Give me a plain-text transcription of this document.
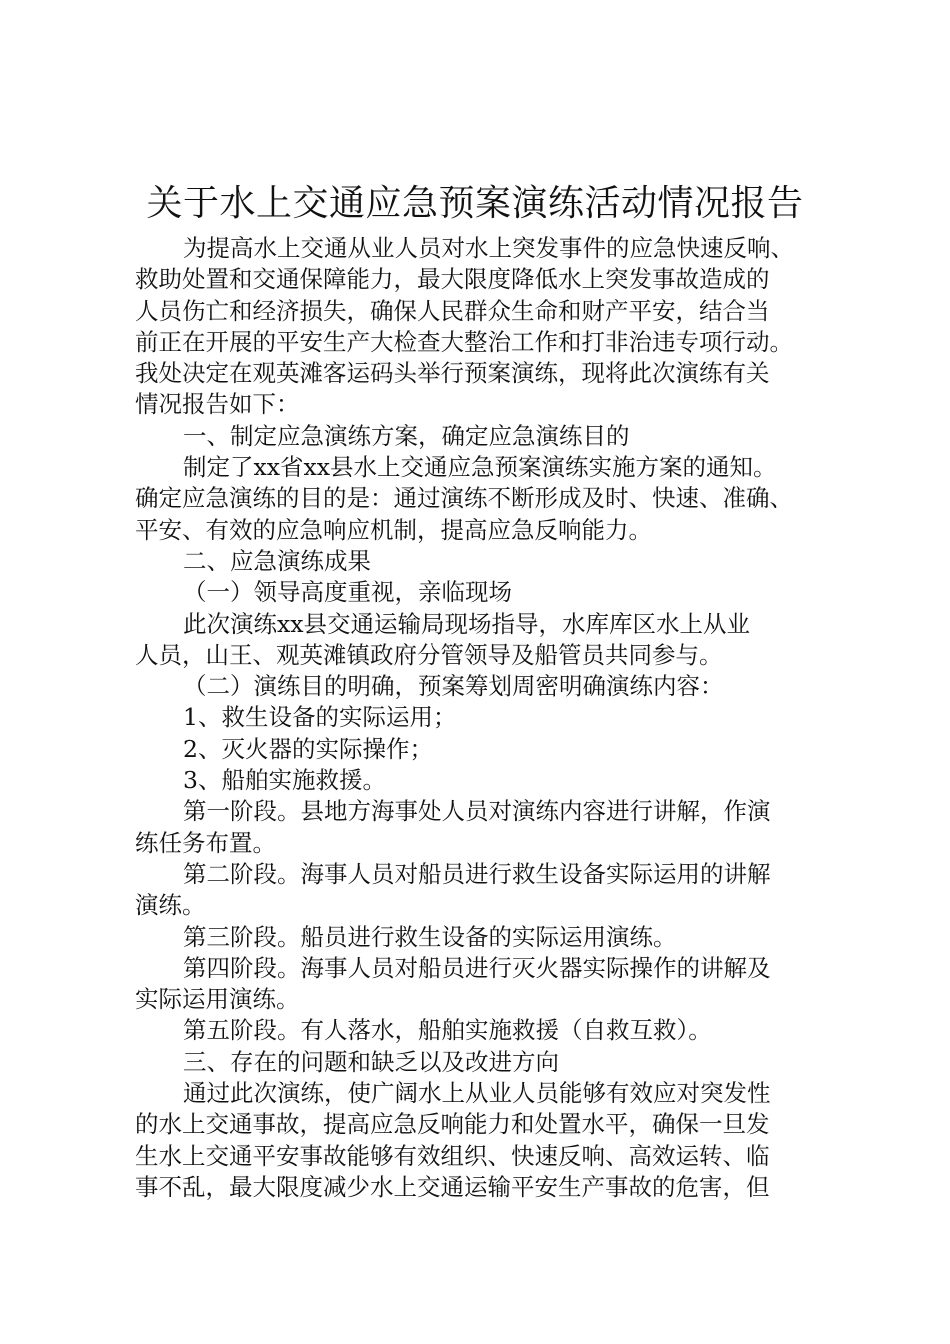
关于水上交通应急预案演练活动情况报告
为提高水上交通从业人员对水上突发事件的应急快速反响、
救助处置和交通保障能力，最大限度降低水上突发事故造成的
人员伤亡和经济损失，确保人民群众生命和财产平安，结合当
前正在开展的平安生产大检查大整治工作和打非治违专项行动。
我处决定在观英滩客运码头举行预案演练，现将此次演练有关
情况报告如下：
一、制定应急演练方案，确定应急演练目的
制定了xx省xx县水上交通应急预案演练实施方案的通知。
确定应急演练的目的是：通过演练不断形成及时、快速、准确、
平安、有效的应急响应机制，提高应急反响能力。
二、应急演练成果
（一）领导高度重视，亲临现场
此次演练xx县交通运输局现场指导，水库库区水上从业
人员，山王、观英滩镇政府分管领导及船管员共同参与。
（二）演练目的明确，预案筹划周密明确演练内容：
1、救生设备的实际运用；
2、灭火器的实际操作；
3、船舶实施救援。
第一阶段。县地方海事处人员对演练内容进行讲解，作演
练任务布置。
第二阶段。海事人员对船员进行救生设备实际运用的讲解
演练。
第三阶段。船员进行救生设备的实际运用演练。
第四阶段。海事人员对船员进行灭火器实际操作的讲解及
实际运用演练。
第五阶段。有人落水，船舶实施救援（自救互救）。
三、存在的问题和缺乏以及改进方向
通过此次演练，使广阔水上从业人员能够有效应对突发性
的水上交通事故，提高应急反响能力和处置水平，确保一旦发
生水上交通平安事故能够有效组织、快速反响、高效运转、临
事不乱，最大限度减少水上交通运输平安生产事故的危害，但
